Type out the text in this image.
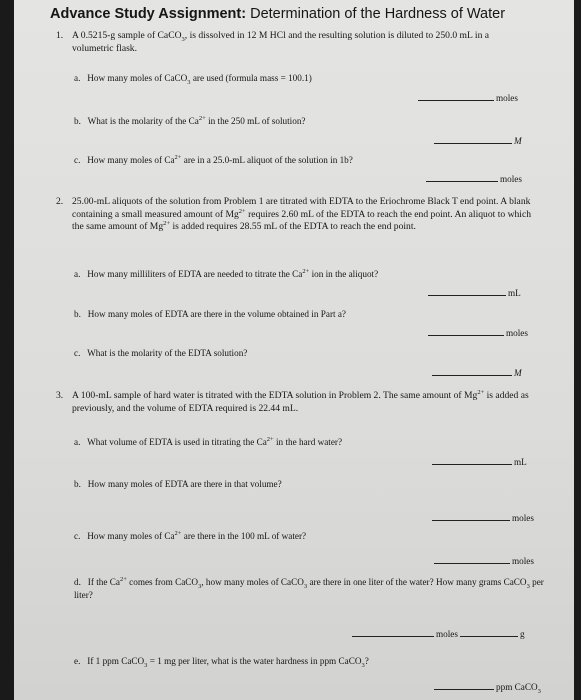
Advance Study Assignment: Determination of the Hardness of Water
1. A 0.5215-g sample of CaCO$_3$, is dissolved in 12 M HCl and the resulting solution is diluted to 250.0 mL in a volumetric flask.
a. How many moles of CaCO$_3$ are used (formula mass = 100.1)
moles
b. What is the molarity of the $Ca^{2+}$ in the 250 mL of solution?
M
c. How many moles of $Ca^{2+}$ are in a 25.0-mL aliquot of the solution in 1b?
moles
2. 25.00-mL aliquots of the solution from Problem 1 are titrated with EDTA to the Eriochrome Black T end point. A blank containing a small measured amount of $Mg^{2+}$ requires 2.60 mL of the EDTA to reach the end point. An aliquot to which the same amount of $Mg^{2+}$ is added requires 28.55 mL of the EDTA to reach the end point.
a. How many milliliters of EDTA are needed to titrate the $Ca^{2+}$ ion in the aliquot?
mL
b. How many moles of EDTA are there in the volume obtained in Part a?
moles
c. What is the molarity of the EDTA solution?
M
3. A 100-mL sample of hard water is titrated with the EDTA solution in Problem 2. The same amount of $Mg^{2+}$ is added as previously, and the volume of EDTA required is 22.44 mL.
a. What volume of EDTA is used in titrating the $Ca^{2+}$ in the hard water?
mL
b. How many moles of EDTA are there in that volume?
moles
c. How many moles of $Ca^{2+}$ are there in the 100 mL of water?
moles
d. If the $Ca^{2+}$ comes from CaCO$_3$, how many moles of CaCO$_3$ are there in one liter of the water? How many grams CaCO$_3$ per liter?
moles	g
e. If 1 ppm CaCO$_3$ = 1 mg per liter, what is the water hardness in ppm CaCO$_3$?
ppm CaCO$_3$
